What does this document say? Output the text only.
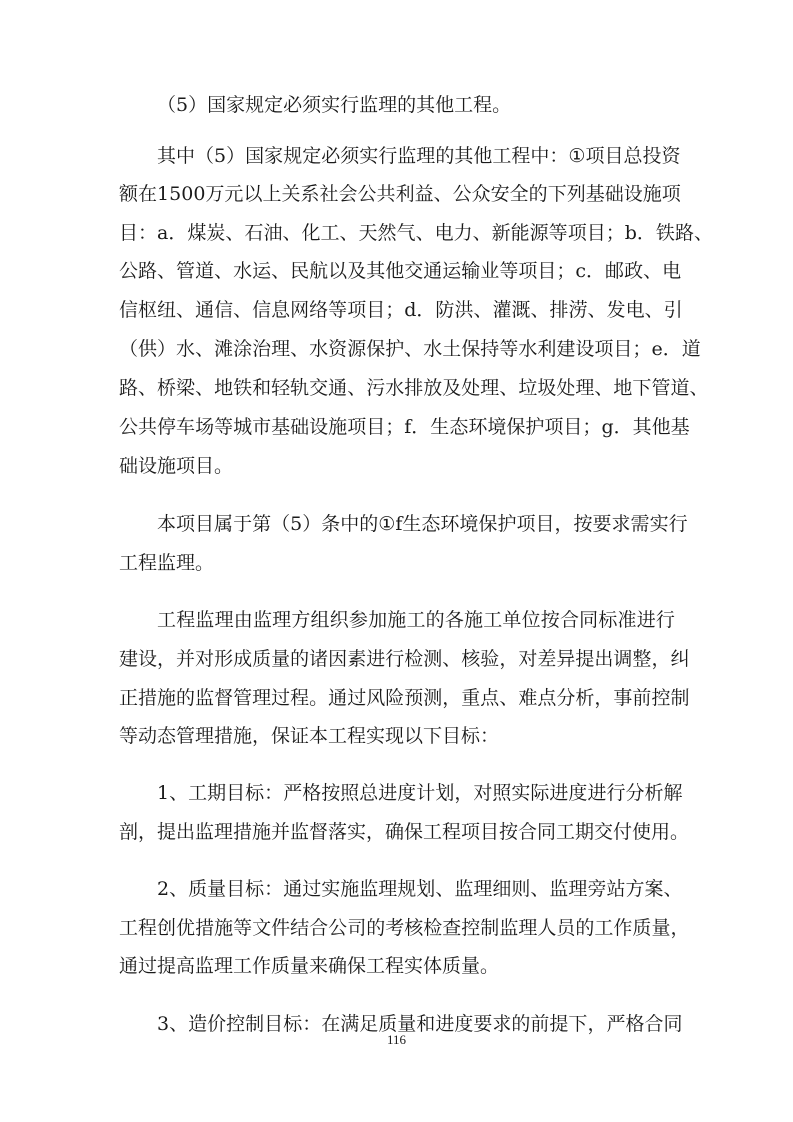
（5）国家规定必须实行监理的其他工程。
其 中 （ 5 ） 国 家 规 定 必 须 实 行 监 理 的 其 他 工 程 中 ： ① 项 目 总 投 资
额 在 1 5 0 0 万 元 以 上 关 系 社 会 公 共 利 益 、 公 众 安 全 的 下 列 基 础 设 施 项
目 ： a ． 煤 炭 、 石 油 、 化 工 、 天 然 气 、 电 力 、 新 能 源 等 项 目 ； b ． 铁 路 、
公 路 、 管 道 、 水 运 、 民 航 以 及 其 他 交 通 运 输 业 等 项 目 ； c ． 邮 政 、 电
信 枢 纽 、 通 信 、 信 息 网 络 等 项 目 ； d ． 防 洪 、 灌 溉 、 排 涝 、 发 电 、 引
（ 供 ） 水 、 滩 涂 治 理 、 水 资 源 保 护 、 水 土 保 持 等 水 利 建 设 项 目 ； e ． 道
路 、 桥 梁 、 地 铁 和 轻 轨 交 通 、 污 水 排 放 及 处 理 、 垃 圾 处 理 、 地 下 管 道 、
公 共 停 车 场 等 城 市 基 础 设 施 项 目 ； f ． 生 态 环 境 保 护 项 目 ； g ． 其 他 基
础设施项目。
本 项 目 属 于 第 （ 5 ） 条 中 的 ① f 生 态 环 境 保 护 项 目 ， 按 要 求 需 实 行
工程监理。
工 程 监 理 由 监 理 方 组 织 参 加 施 工 的 各 施 工 单 位 按 合 同 标 准 进 行
建 设 ， 并 对 形 成 质 量 的 诸 因 素 进 行 检 测 、 核 验 ， 对 差 异 提 出 调 整 ， 纠
正 措 施 的 监 督 管 理 过 程 。 通 过 风 险 预 测 ， 重 点 、 难 点 分 析 ， 事 前 控 制
等动态管理措施，保证本工程实现以下目标：
1 、 工 期 目 标 ： 严 格 按 照 总 进 度 计 划 ， 对 照 实 际 进 度 进 行 分 析 解
剖，提出监理措施并监督落实，确保工程项目按合同工期交付使用。
2 、 质 量 目 标 ： 通 过 实 施 监 理 规 划 、 监 理 细 则 、 监 理 旁 站 方 案 、
工 程 创 优 措 施 等 文 件 结 合 公 司 的 考 核 检 查 控 制 监 理 人 员 的 工 作 质 量 ，
通过提高监理工作质量来确保工程实体质量。
3 、 造 价 控 制 目 标 ： 在 满 足 质 量 和 进 度 要 求 的 前 提 下 ， 严 格 合 同
116
